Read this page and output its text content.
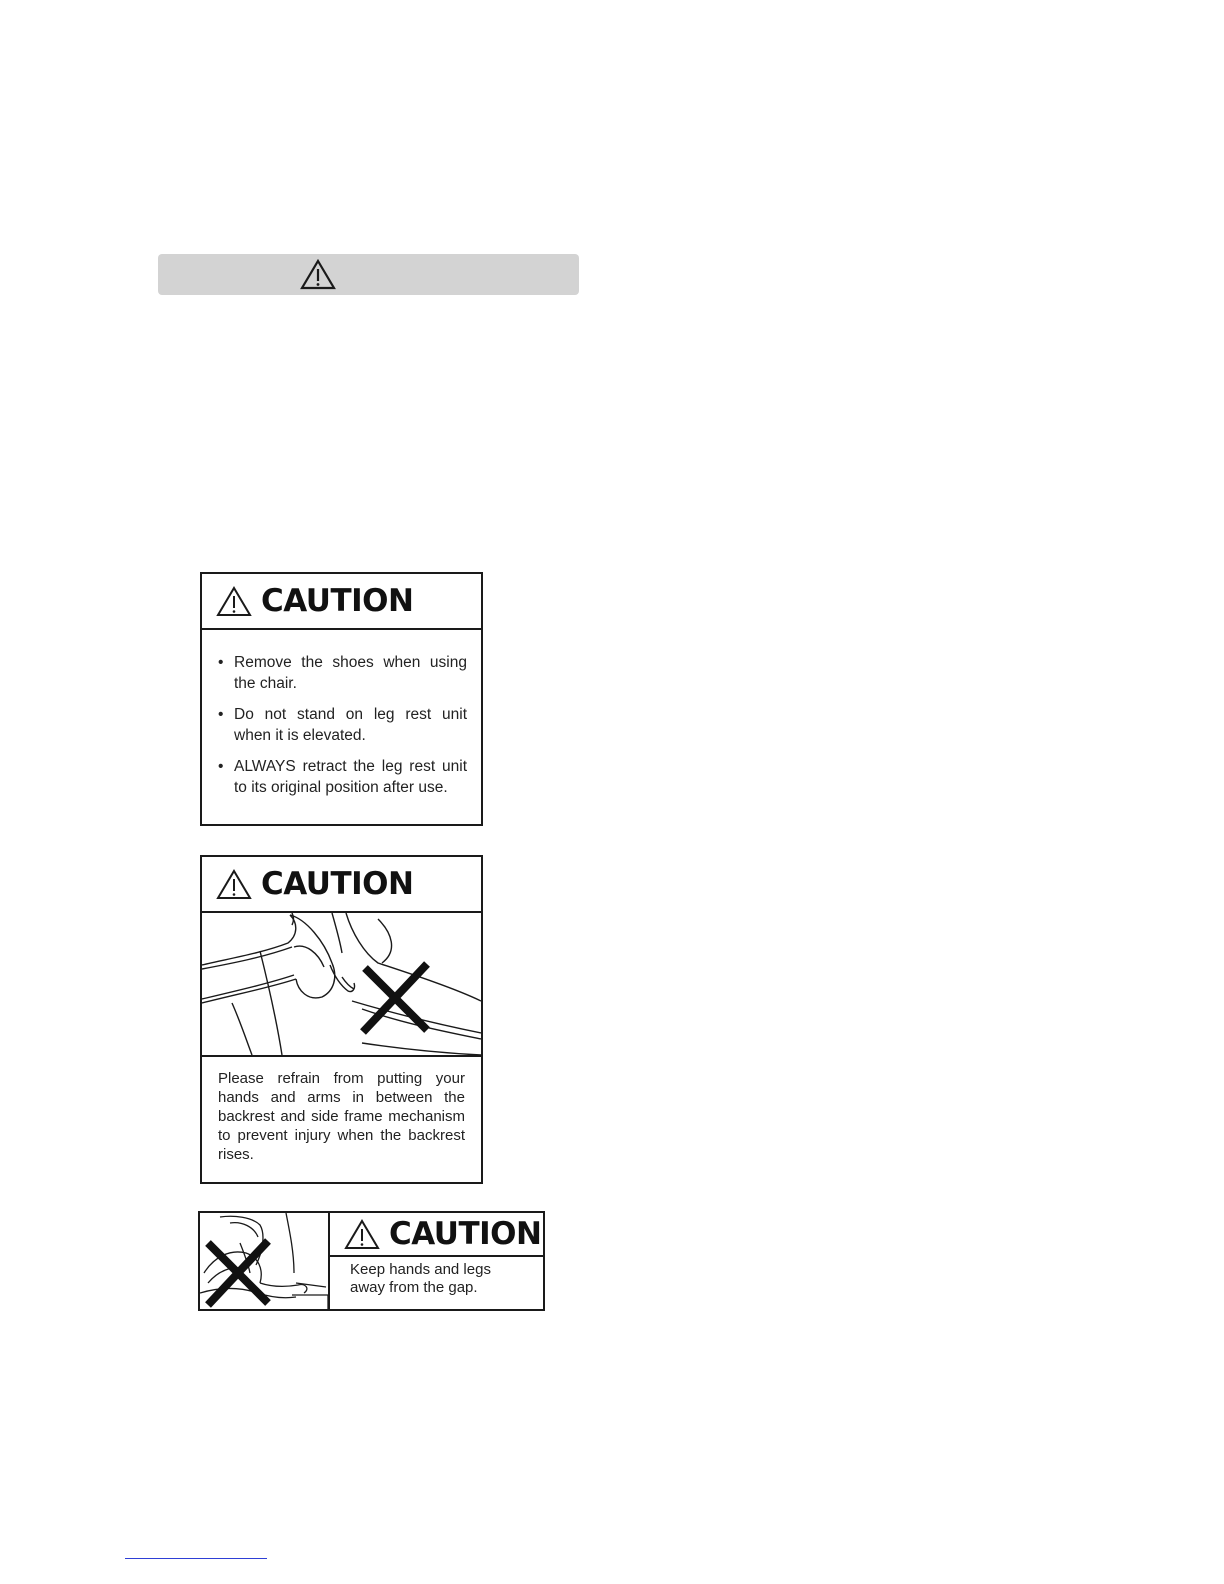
CAUTION
• Remove the shoes when using the chair.
• Do not stand on leg rest unit when it is elevated.
• ALWAYS retract the leg rest unit to its original position after use.
CAUTION

Please refrain from putting your hands and arms in between the backrest and side frame mechanism to prevent injury when the backrest rises.

CAUTION

Keep hands and legs away from the gap.
